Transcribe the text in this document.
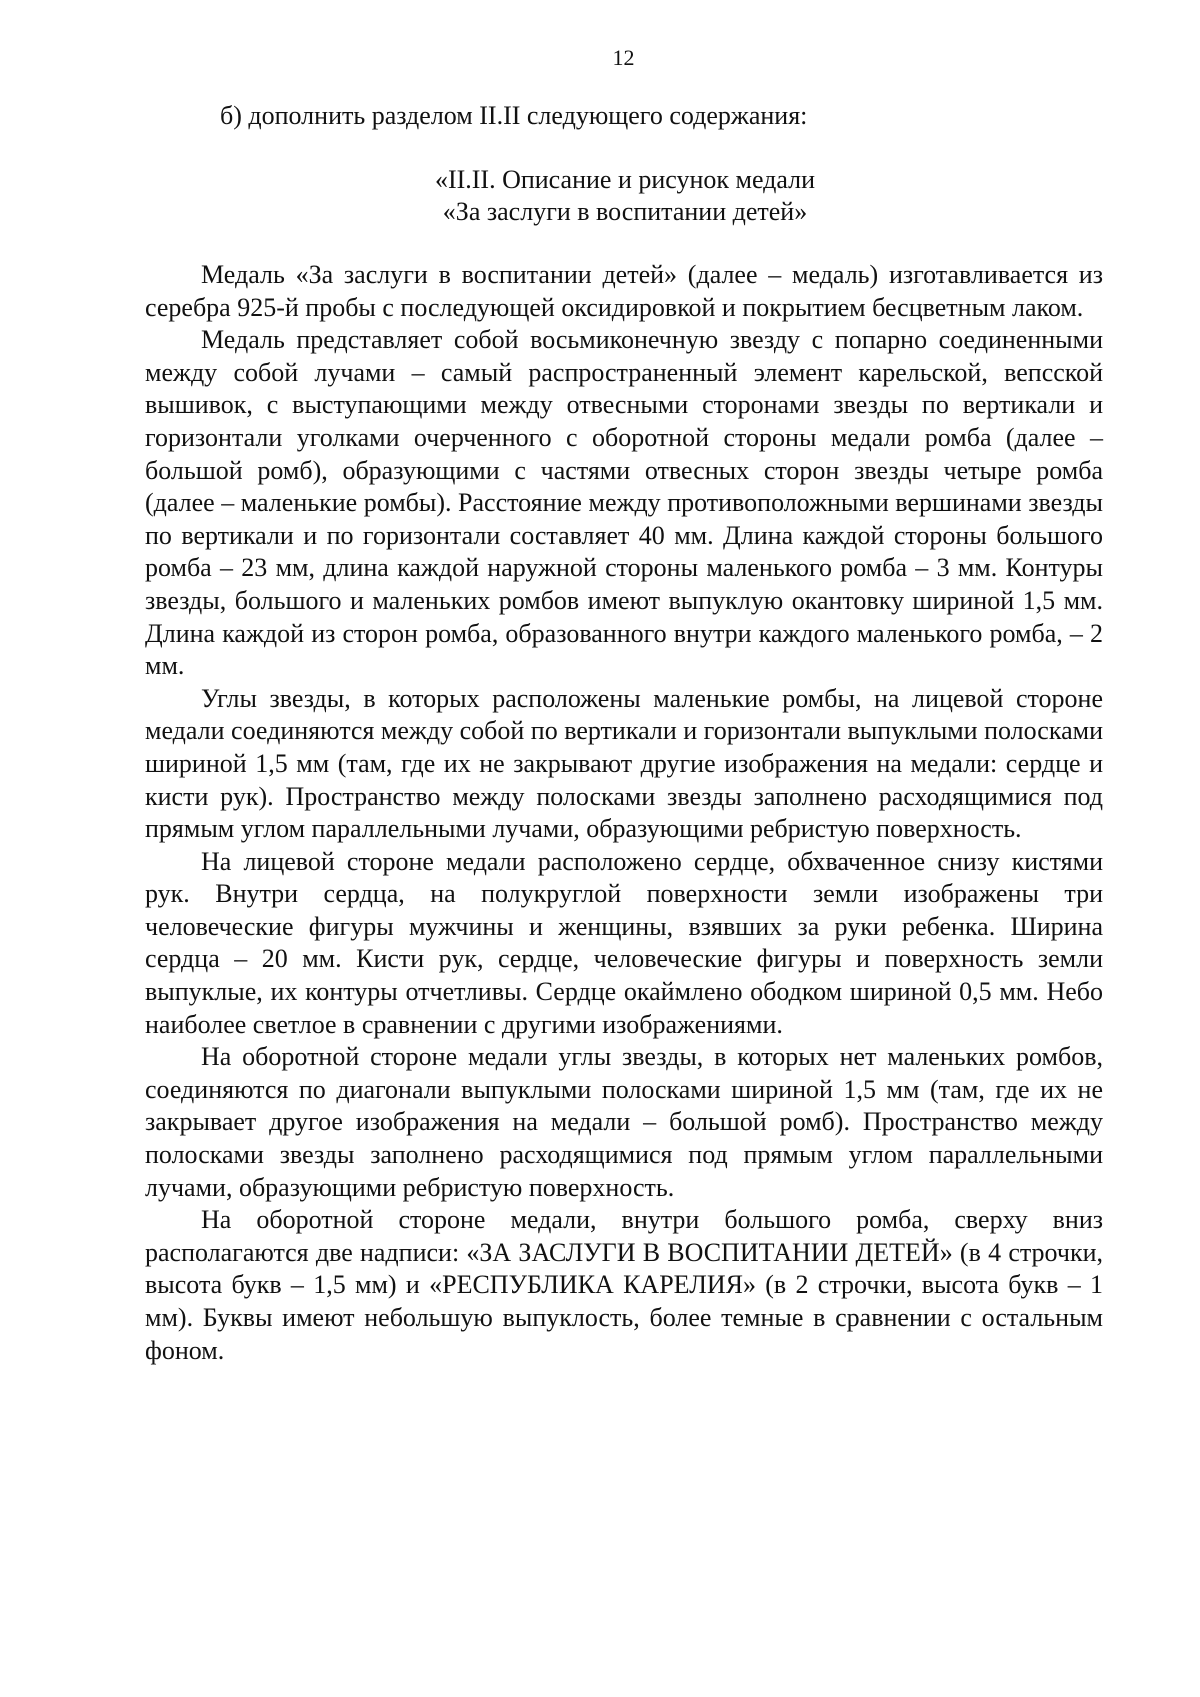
12
б) дополнить разделом II.II следующего содержания:
«II.II. Описание и рисунок медали
«За заслуги в воспитании детей»

Медаль «За заслуги в воспитании детей» (далее – медаль) изготавливается из серебра 925-й пробы с последующей оксидировкой и покрытием бесцветным лаком.

Медаль представляет собой восьмиконечную звезду с попарно соединенными между собой лучами – самый распространенный элемент карельской, вепсской вышивок, с выступающими между отвесными сторонами звезды по вертикали и горизонтали уголками очерченного с оборотной стороны медали ромба (далее – большой ромб), образующими с частями отвесных сторон звезды четыре ромба (далее – маленькие ромбы). Расстояние между противоположными вершинами звезды по вертикали и по горизонтали составляет 40 мм. Длина каждой стороны большого ромба – 23 мм, длина каждой наружной стороны маленького ромба – 3 мм. Контуры звезды, большого и маленьких ромбов имеют выпуклую окантовку шириной 1,5 мм. Длина каждой из сторон ромба, образованного внутри каждого маленького ромба, – 2 мм.

Углы звезды, в которых расположены маленькие ромбы, на лицевой стороне медали соединяются между собой по вертикали и горизонтали выпуклыми полосками шириной 1,5 мм (там, где их не закрывают другие изображения на медали: сердце и кисти рук). Пространство между полосками звезды заполнено расходящимися под прямым углом параллельными лучами, образующими ребристую поверхность.

На лицевой стороне медали расположено сердце, обхваченное снизу кистями рук. Внутри сердца, на полукруглой поверхности земли изображены три человеческие фигуры мужчины и женщины, взявших за руки ребенка. Ширина сердца – 20 мм. Кисти рук, сердце, человеческие фигуры и поверхность земли выпуклые, их контуры отчетливы. Сердце окаймлено ободком шириной 0,5 мм. Небо наиболее светлое в сравнении с другими изображениями.

На оборотной стороне медали углы звезды, в которых нет маленьких ромбов, соединяются по диагонали выпуклыми полосками шириной 1,5 мм (там, где их не закрывает другое изображения на медали – большой ромб). Пространство между полосками звезды заполнено расходящимися под прямым углом параллельными лучами, образующими ребристую поверхность.

На оборотной стороне медали, внутри большого ромба, сверху вниз располагаются две надписи: «ЗА ЗАСЛУГИ В ВОСПИТАНИИ ДЕТЕЙ» (в 4 строчки, высота букв – 1,5 мм) и «РЕСПУБЛИКА КАРЕЛИЯ» (в 2 строчки, высота букв – 1 мм). Буквы имеют небольшую выпуклость, более темные в сравнении с остальным фоном.
